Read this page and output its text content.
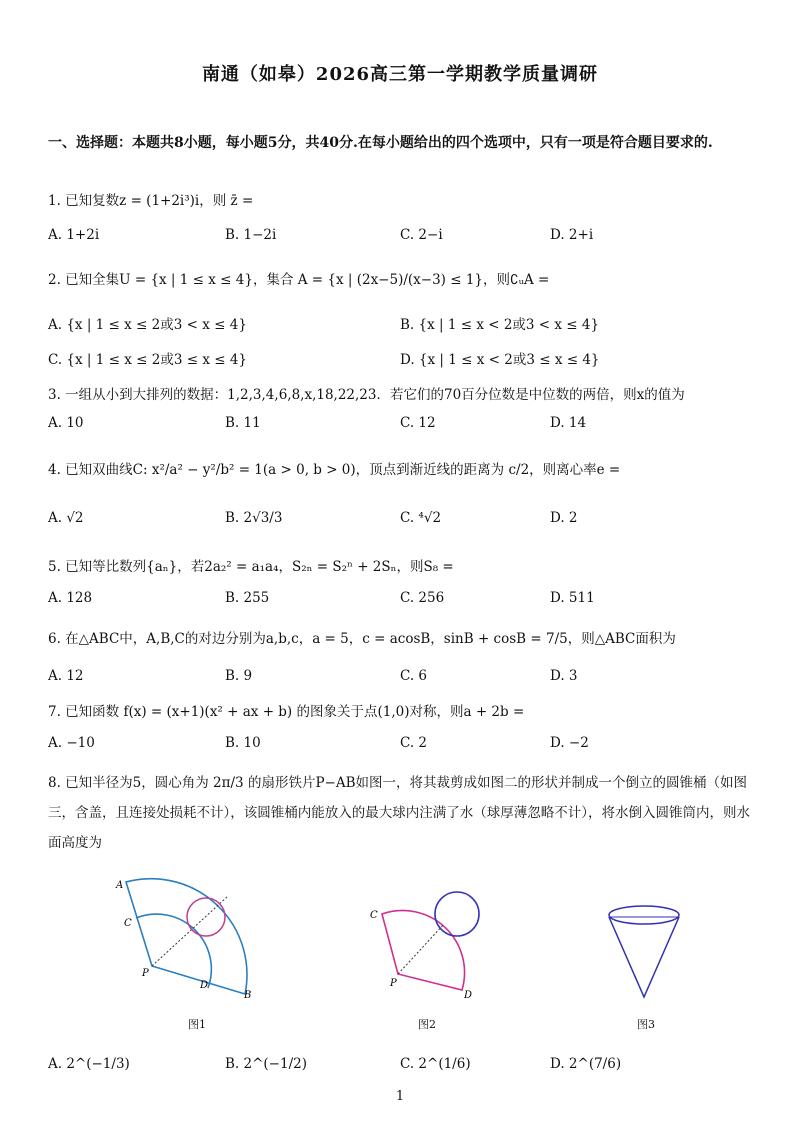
南通（如皋）2026高三第一学期教学质量调研
一、选择题：本题共8小题，每小题5分，共40分.在每小题给出的四个选项中，只有一项是符合题目要求的.
1. 已知复数z = (1+2i³)i，则 z̄ =
A. 1+2i	B. 1−2i	C. 2−i	D. 2+i
2. 已知全集U = {x | 1 ≤ x ≤ 4}，集合 A = {x | (2x−5)/(x−3) ≤ 1}，则∁ᵤA =
A. {x | 1 ≤ x ≤ 2或3 < x ≤ 4}	B. {x | 1 ≤ x < 2或3 < x ≤ 4}
C. {x | 1 ≤ x ≤ 2或3 ≤ x ≤ 4}	D. {x | 1 ≤ x < 2或3 ≤ x ≤ 4}
3. 一组从小到大排列的数据：1,2,3,4,6,8,x,18,22,23．若它们的70百分位数是中位数的两倍，则x的值为
A. 10	B. 11	C. 12	D. 14
4. 已知双曲线C: x²/a² − y²/b² = 1(a > 0, b > 0)，顶点到渐近线的距离为 c/2，则离心率e =
A. √2	B. 2√3/3	C. ⁴√2	D. 2
5. 已知等比数列{aₙ}，若2a₂² = a₁a₄，S₂ₙ = S₂ⁿ + 2Sₙ，则S₈ =
A. 128	B. 255	C. 256	D. 511
6. 在△ABC中，A,B,C的对边分别为a,b,c，a = 5，c = acosB，sinB + cosB = 7/5，则△ABC面积为
A. 12	B. 9	C. 6	D. 3
7. 已知函数 f(x) = (x+1)(x² + ax + b) 的图象关于点(1,0)对称，则a + 2b =
A. −10	B. 10	C. 2	D. −2
8. 已知半径为5，圆心角为 2π/3 的扇形铁片P−AB如图一，将其裁剪成如图二的形状并制成一个倒立的圆锥桶（如图三，含盖，且连接处损耗不计），该圆锥桶内能放入的最大球内注满了水（球厚薄忽略不计），将水倒入圆锥筒内，则水面高度为
A
C
P
D
B
图1
C
P
D
图2	图3
A. 2^(−1/3)	B. 2^(−1/2)	C. 2^(1/6)	D. 2^(7/6)
1
